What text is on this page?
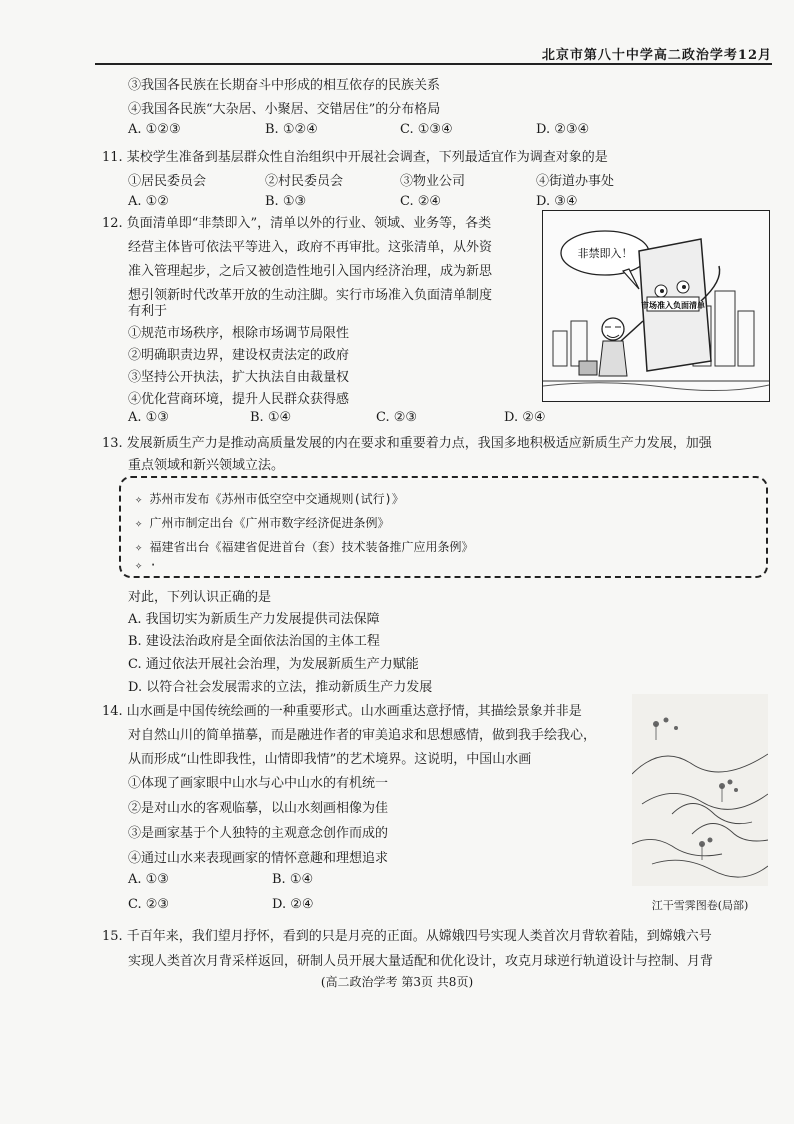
北京市第八十中学高二政治学考12月
③我国各民族在长期奋斗中形成的相互依存的民族关系
④我国各民族“大杂居、小聚居、交错居住”的分布格局
A. ①②③	B. ①②④	C. ①③④	D. ②③④
11. 某校学生准备到基层群众性自治组织中开展社会调查，下列最适宜作为调查对象的是
①居民委员会	②村民委员会	③物业公司	④街道办事处
A. ①②	B. ①③	C. ②④	D. ③④
12. 负面清单即“非禁即入”，清单以外的行业、领域、业务等，各类
经营主体皆可依法平等进入，政府不再审批。这张清单，从外资
准入管理起步，之后又被创造性地引入国内经济治理，成为新思
想引领新时代改革开放的生动注脚。实行市场准入负面清单制度
有利于
①规范市场秩序，根除市场调节局限性
②明确职责边界，建设权责法定的政府
③坚持公开执法，扩大执法自由裁量权
④优化营商环境，提升人民群众获得感
A. ①③	B. ①④	C. ②③	D. ②④
非禁即入！
市场准入负面清单
13. 发展新质生产力是推动高质量发展的内在要求和重要着力点，我国多地积极适应新质生产力发展，加强
重点领域和新兴领域立法。
✧ 苏州市发布《苏州市低空空中交通规则(试行)》
✧ 广州市制定出台《广州市数字经济促进条例》
✧ 福建省出台《福建省促进首台（套）技术装备推广应用条例》
✧ ·
对此，下列认识正确的是
A. 我国切实为新质生产力发展提供司法保障
B. 建设法治政府是全面依法治国的主体工程
C. 通过依法开展社会治理，为发展新质生产力赋能
D. 以符合社会发展需求的立法，推动新质生产力发展
14. 山水画是中国传统绘画的一种重要形式。山水画重达意抒情，其描绘景象并非是
对自然山川的简单描摹，而是融进作者的审美追求和思想感情，做到我手绘我心，
从而形成“山性即我性，山情即我情”的艺术境界。这说明，中国山水画
①体现了画家眼中山水与心中山水的有机统一
②是对山水的客观临摹，以山水刻画相像为佳
③是画家基于个人独特的主观意念创作而成的
④通过山水来表现画家的情怀意趣和理想追求
A. ①③	B. ①④
C. ②③	D. ②④	江干雪霁图卷(局部)
15. 千百年来，我们望月抒怀，看到的只是月亮的正面。从嫦娥四号实现人类首次月背软着陆，到嫦娥六号
实现人类首次月背采样返回，研制人员开展大量适配和优化设计，攻克月球逆行轨道设计与控制、月背
(高二政治学考 第3页 共8页)
